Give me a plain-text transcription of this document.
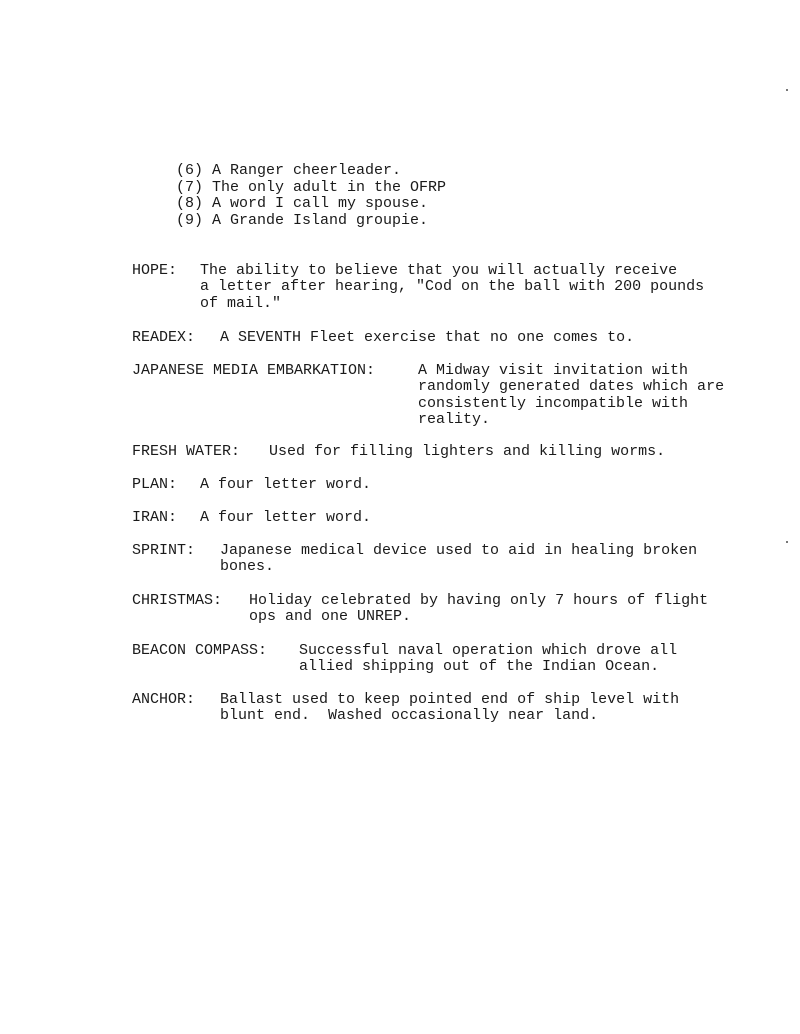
(6) A Ranger cheerleader.
(7) The only adult in the OFRP
(8) A word I call my spouse.
(9) A Grande Island groupie.

HOPE: The ability to believe that you will actually receive
a letter after hearing, "Cod on the ball with 200 pounds
of mail."

READEX: A SEVENTH Fleet exercise that no one comes to.

JAPANESE MEDIA EMBARKATION:	A Midway visit invitation with
randomly generated dates which are
consistently incompatible with
reality.

FRESH WATER: Used for filling lighters and killing worms.

PLAN: A four letter word.

IRAN: A four letter word.

SPRINT: Japanese medical device used to aid in healing broken
bones.

CHRISTMAS: Holiday celebrated by having only 7 hours of flight
ops and one UNREP.

BEACON COMPASS: Successful naval operation which drove all
allied shipping out of the Indian Ocean.

ANCHOR: Ballast used to keep pointed end of ship level with
blunt end.  Washed occasionally near land.
